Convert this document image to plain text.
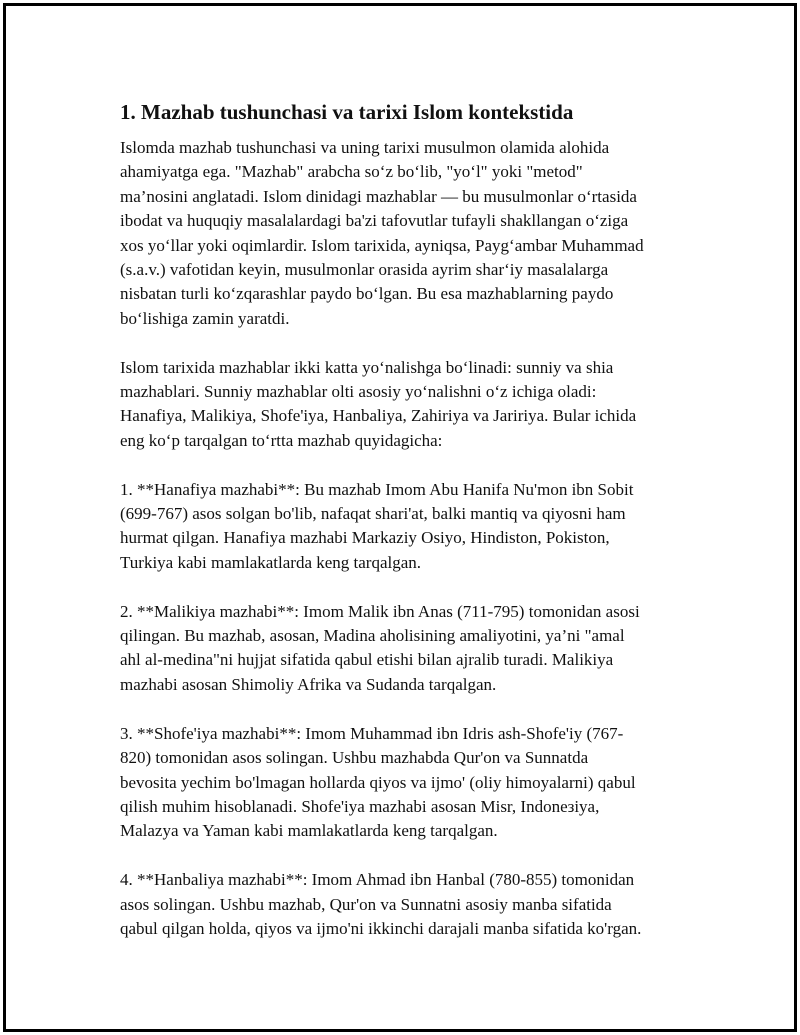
1. Mazhab tushunchasi va tarixi Islom kontekstida
Islomda mazhab tushunchasi va uning tarixi musulmon olamida alohida
ahamiyatga ega. "Mazhab" arabcha so‘z bo‘lib, "yo‘l" yoki "metod"
ma’nosini anglatadi. Islom dinidagi mazhablar — bu musulmonlar o‘rtasida
ibodat va huquqiy masalalardagi ba'zi tafovutlar tufayli shakllangan o‘ziga
xos yo‘llar yoki oqimlardir. Islom tarixida, ayniqsa, Payg‘ambar Muhammad
(s.a.v.) vafotidan keyin, musulmonlar orasida ayrim shar‘iy masalalarga
nisbatan turli ko‘zqarashlar paydo bo‘lgan. Bu esa mazhablarning paydo
bo‘lishiga zamin yaratdi.
Islom tarixida mazhablar ikki katta yo‘nalishga bo‘linadi: sunniy va shia
mazhablari. Sunniy mazhablar olti asosiy yo‘nalishni o‘z ichiga oladi:
Hanafiya, Malikiya, Shofe'iya, Hanbaliya, Zahiriya va Jaririya. Bular ichida
eng ko‘p tarqalgan to‘rtta mazhab quyidagicha:
1. **Hanafiya mazhabi**: Bu mazhab Imom Abu Hanifa Nu'mon ibn Sobit
(699-767) asos solgan bo'lib, nafaqat shari'at, balki mantiq va qiyosni ham
hurmat qilgan. Hanafiya mazhabi Markaziy Osiyo, Hindiston, Pokiston,
Turkiya kabi mamlakatlarda keng tarqalgan.
2. **Malikiya mazhabi**: Imom Malik ibn Anas (711-795) tomonidan asosi
qilingan. Bu mazhab, asosan, Madina aholisining amaliyotini, ya’ni "amal
ahl al-medina"ni hujjat sifatida qabul etishi bilan ajralib turadi. Malikiya
mazhabi asosan Shimoliy Afrika va Sudanda tarqalgan.
3. **Shofe'iya mazhabi**: Imom Muhammad ibn Idris ash-Shofe'iy (767-
820) tomonidan asos solingan. Ushbu mazhabda Qur'on va Sunnatda
bevosita yechim bo'lmagan hollarda qiyos va ijmo' (oliy himoyalarni) qabul
qilish muhim hisoblanadi. Shofe'iya mazhabi asosan Misr, Indoneзiya,
Malazya va Yaman kabi mamlakatlarda keng tarqalgan.
4. **Hanbaliya mazhabi**: Imom Ahmad ibn Hanbal (780-855) tomonidan
asos solingan. Ushbu mazhab, Qur'on va Sunnatni asosiy manba sifatida
qabul qilgan holda, qiyos va ijmo'ni ikkinchi darajali manba sifatida ko'rgan.
